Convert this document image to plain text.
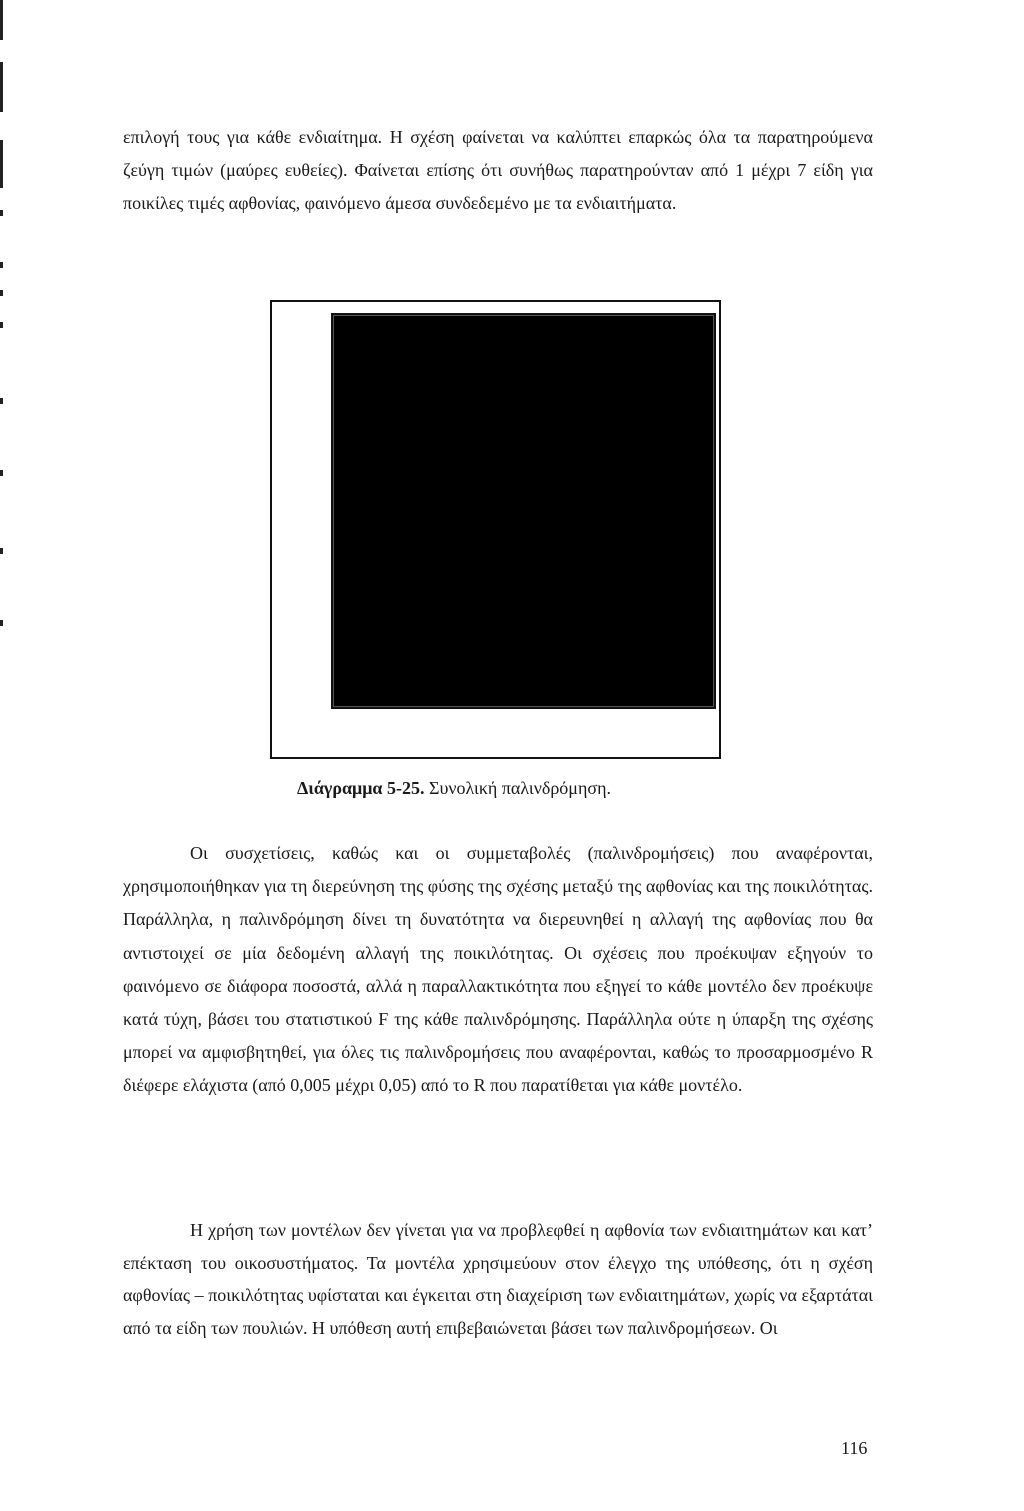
επιλογή τους για κάθε ενδιαίτημα. Η σχέση φαίνεται να καλύπτει επαρκώς όλα τα παρατηρούμενα ζεύγη τιμών (μαύρες ευθείες). Φαίνεται επίσης ότι συνήθως παρατηρούνταν από 1 μέχρι 7 είδη για ποικίλες τιμές αφθονίας, φαινόμενο άμεσα συνδεδεμένο με τα ενδιαιτήματα.

Διάγραμμα 5-25. Συνολική παλινδρόμηση.

Οι συσχετίσεις, καθώς και οι συμμεταβολές (παλινδρομήσεις) που αναφέρονται, χρησιμοποιήθηκαν για τη διερεύνηση της φύσης της σχέσης μεταξύ της αφθονίας και της ποικιλότητας. Παράλληλα, η παλινδρόμηση δίνει τη δυνατότητα να διερευνηθεί η αλλαγή της αφθονίας που θα αντιστοιχεί σε μία δεδομένη αλλαγή της ποικιλότητας. Οι σχέσεις που προέκυψαν εξηγούν το φαινόμενο σε διάφορα ποσοστά, αλλά η παραλλακτικότητα που εξηγεί το κάθε μοντέλο δεν προέκυψε κατά τύχη, βάσει του στατιστικού F της κάθε παλινδρόμησης. Παράλληλα ούτε η ύπαρξη της σχέσης μπορεί να αμφισβητηθεί, για όλες τις παλινδρομήσεις που αναφέρονται, καθώς το προσαρμοσμένο R διέφερε ελάχιστα (από 0,005 μέχρι 0,05) από το R που παρατίθεται για κάθε μοντέλο.

Η χρήση των μοντέλων δεν γίνεται για να προβλεφθεί η αφθονία των ενδιαιτημάτων και κατ’ επέκταση του οικοσυστήματος. Τα μοντέλα χρησιμεύουν στον έλεγχο της υπόθεσης, ότι η σχέση αφθονίας – ποικιλότητας υφίσταται και έγκειται στη διαχείριση των ενδιαιτημάτων, χωρίς να εξαρτάται από τα είδη των πουλιών. Η υπόθεση αυτή επιβεβαιώνεται βάσει των παλινδρομήσεων. Οι

116
